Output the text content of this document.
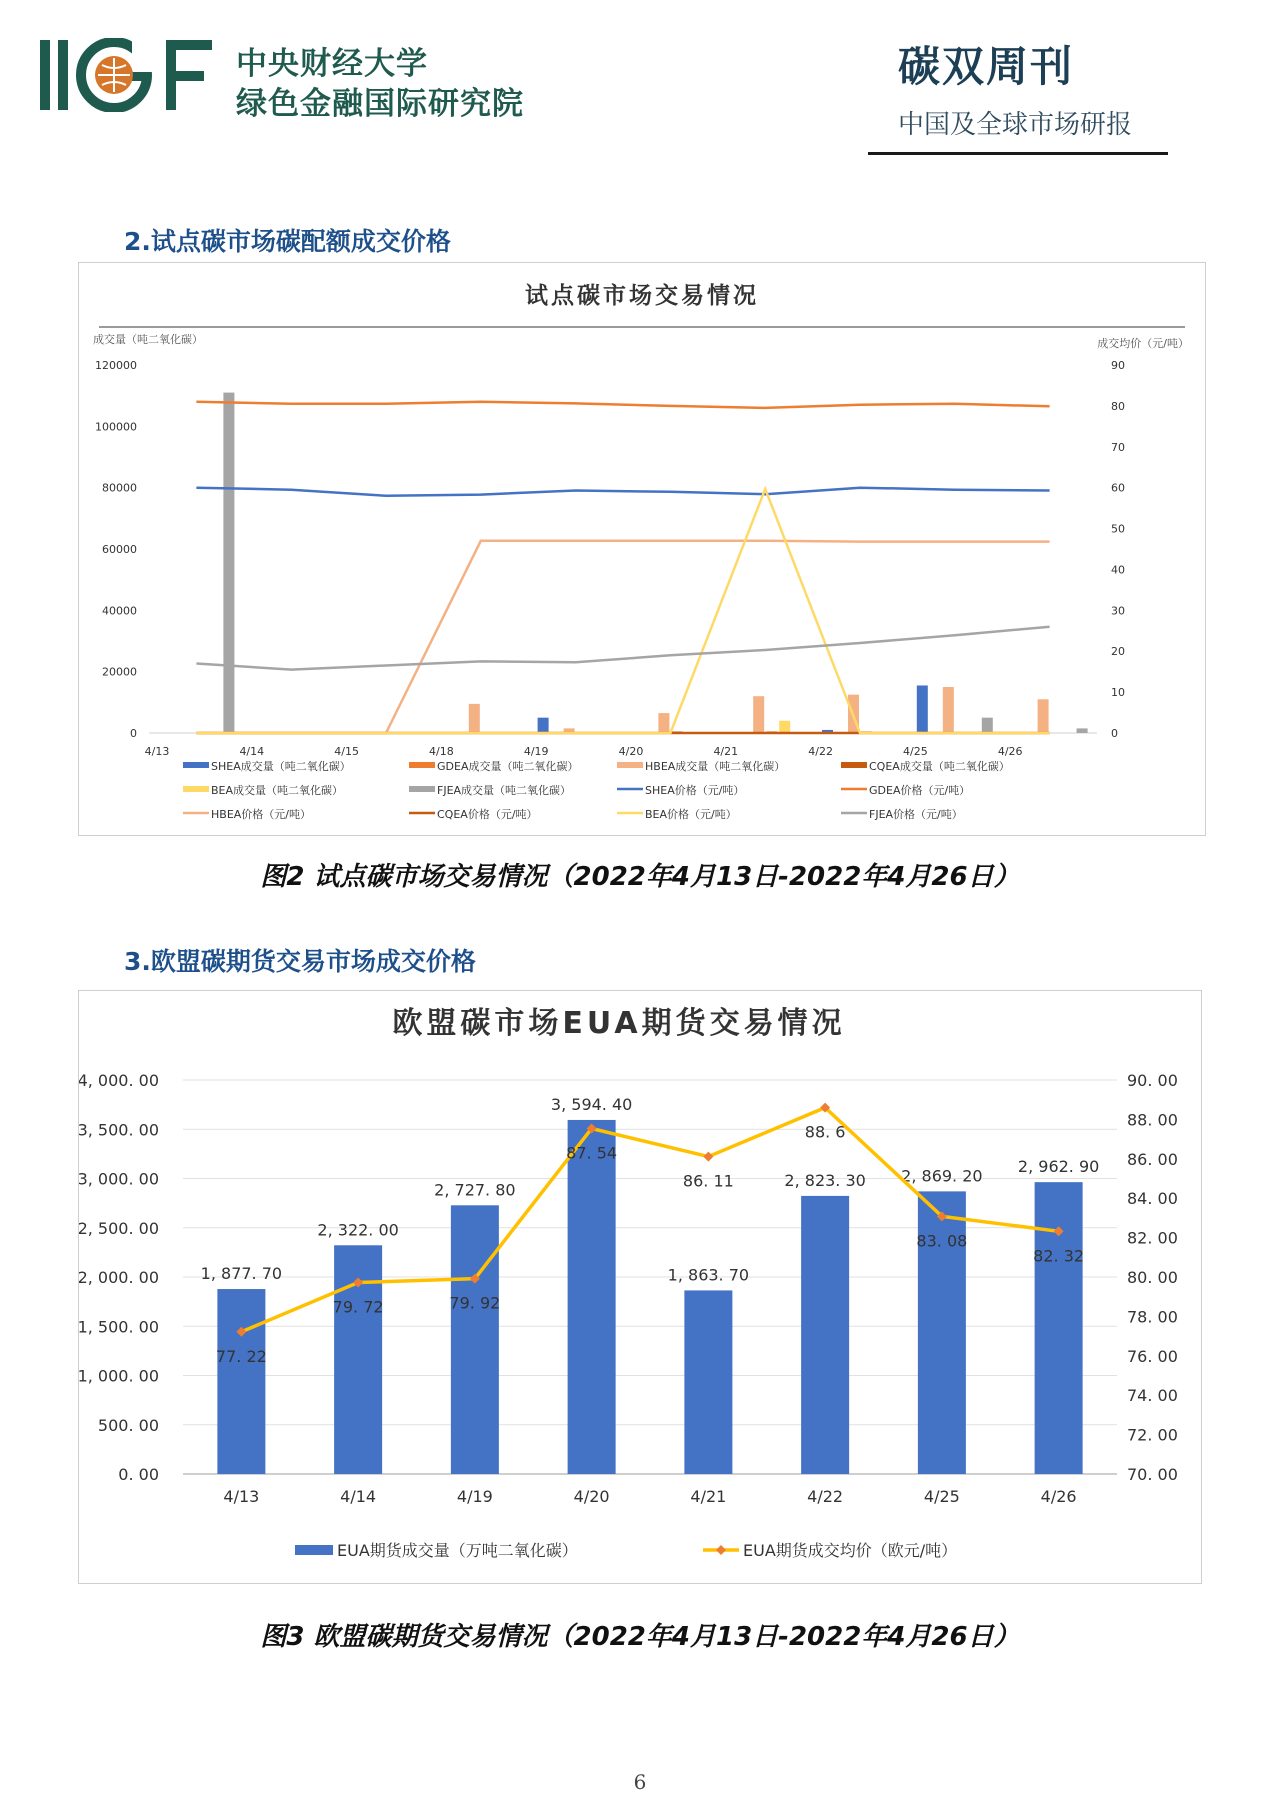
中央财经大学
绿色金融国际研究院
碳双周刊
中国及全球市场研报
2.试点碳市场碳配额成交价格
试点碳市场交易情况
成交量（吨二氧化碳）	成交均价（元/吨）
0
20000
40000
60000
80000
100000
120000
0
10
20
30
40
50
60
70
80
90
4/13	4/14	4/15	4/18	4/19	4/20	4/21	4/22	4/25	4/26
SHEA成交量（吨二氧化碳）	GDEA成交量（吨二氧化碳）	HBEA成交量（吨二氧化碳）	CQEA成交量（吨二氧化碳）
BEA成交量（吨二氧化碳）	FJEA成交量（吨二氧化碳）	SHEA价格（元/吨）	GDEA价格（元/吨）
HBEA价格（元/吨）	CQEA价格（元/吨）	BEA价格（元/吨）	FJEA价格（元/吨）
图2 试点碳市场交易情况（2022年4月13日-2022年4月26日）
3.欧盟碳期货交易市场成交价格
欧盟碳市场EUA期货交易情况
0. 00
500. 00
1, 000. 00
1, 500. 00
2, 000. 00
2, 500. 00
3, 000. 00
3, 500. 00
4, 000. 00
70. 00
72. 00
74. 00
76. 00
78. 00
80. 00
82. 00
84. 00
86. 00
88. 00
90. 00
1, 877. 70
2, 322. 00
2, 727. 80
3, 594. 40
1, 863. 70
2, 823. 30 2, 869. 20 2, 962. 90
4/13	4/14	4/19	4/20	4/21	4/22	4/25	4/26
77. 22
79. 72	79. 92
87. 54
86. 11
88. 6
83. 08
82. 32
EUA期货成交量（万吨二氧化碳）	EUA期货成交均价（欧元/吨）
图3 欧盟碳期货交易情况（2022年4月13日-2022年4月26日）
6
